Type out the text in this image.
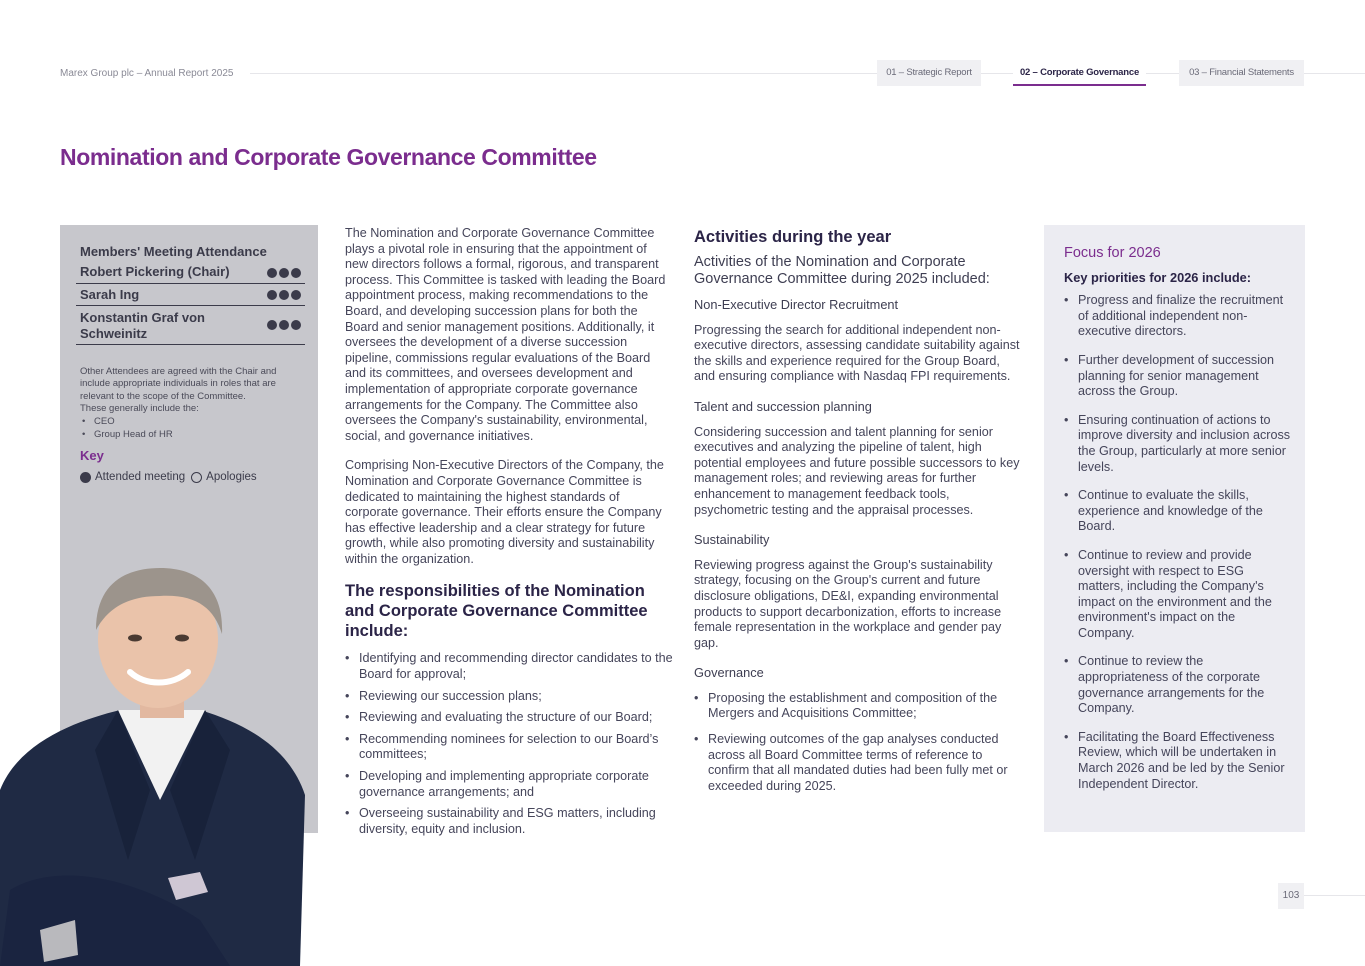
Marex Group plc – Annual Report 2025	01 – Strategic Report	02 – Corporate Governance	03 – Financial Statements
Nomination and Corporate Governance Committee
Members' Meeting Attendance
Robert Pickering (Chair)
Sarah Ing
Konstantin Graf von Schweinitz
Other Attendees are agreed with the Chair and include appropriate individuals in roles that are relevant to the scope of the Committee.
These generally include the:
• CEO
• Group Head of HR
Key
Attended meeting Apologies

The Nomination and Corporate Governance Committee plays a pivotal role in ensuring that the appointment of new directors follows a formal, rigorous, and transparent process. This Committee is tasked with leading the Board appointment process, making recommendations to the Board, and developing succession plans for both the Board and senior management positions. Additionally, it oversees the development of a diverse succession pipeline, commissions regular evaluations of the Board and its committees, and oversees development and implementation of appropriate corporate governance arrangements for the Company. The Committee also oversees the Company's sustainability, environmental, social, and governance initiatives.

Comprising Non-Executive Directors of the Company, the Nomination and Corporate Governance Committee is dedicated to maintaining the highest standards of corporate governance. Their efforts ensure the Company has effective leadership and a clear strategy for future growth, while also promoting diversity and sustainability within the organization.

The responsibilities of the Nomination and Corporate Governance Committee include:
• Identifying and recommending director candidates to the Board for approval;
• Reviewing our succession plans;
• Reviewing and evaluating the structure of our Board;
• Recommending nominees for selection to our Board’s committees;
• Developing and implementing appropriate corporate governance arrangements; and
• Overseeing sustainability and ESG matters, including diversity, equity and inclusion.
Activities during the year
Activities of the Nomination and Corporate Governance Committee during 2025 included:
Non-Executive Director Recruitment

Progressing the search for additional independent non-executive directors, assessing candidate suitability against the skills and experience required for the Group Board, and ensuring compliance with Nasdaq FPI requirements.

Talent and succession planning

Considering succession and talent planning for senior executives and analyzing the pipeline of talent, high potential employees and future possible successors to key management roles; and reviewing areas for further enhancement to management feedback tools, psychometric testing and the appraisal processes.

Sustainability

Reviewing progress against the Group's sustainability strategy, focusing on the Group's current and future disclosure obligations, DE&I, expanding environmental products to support decarbonization, efforts to increase female representation in the workplace and gender pay gap.

Governance
• Proposing the establishment and composition of the Mergers and Acquisitions Committee;
• Reviewing outcomes of the gap analyses conducted across all Board Committee terms of reference to confirm that all mandated duties had been fully met or exceeded during 2025.
Focus for 2026
Key priorities for 2026 include:
• Progress and finalize the recruitment of additional independent non-executive directors.
• Further development of succession planning for senior management across the Group.
• Ensuring continuation of actions to improve diversity and inclusion across the Group, particularly at more senior levels.
• Continue to evaluate the skills, experience and knowledge of the Board.
• Continue to review and provide oversight with respect to ESG matters, including the Company's impact on the environment and the environment's impact on the Company.
• Continue to review the appropriateness of the corporate governance arrangements for the Company.
• Facilitating the Board Effectiveness Review, which will be undertaken in March 2026 and be led by the Senior Independent Director.
103
